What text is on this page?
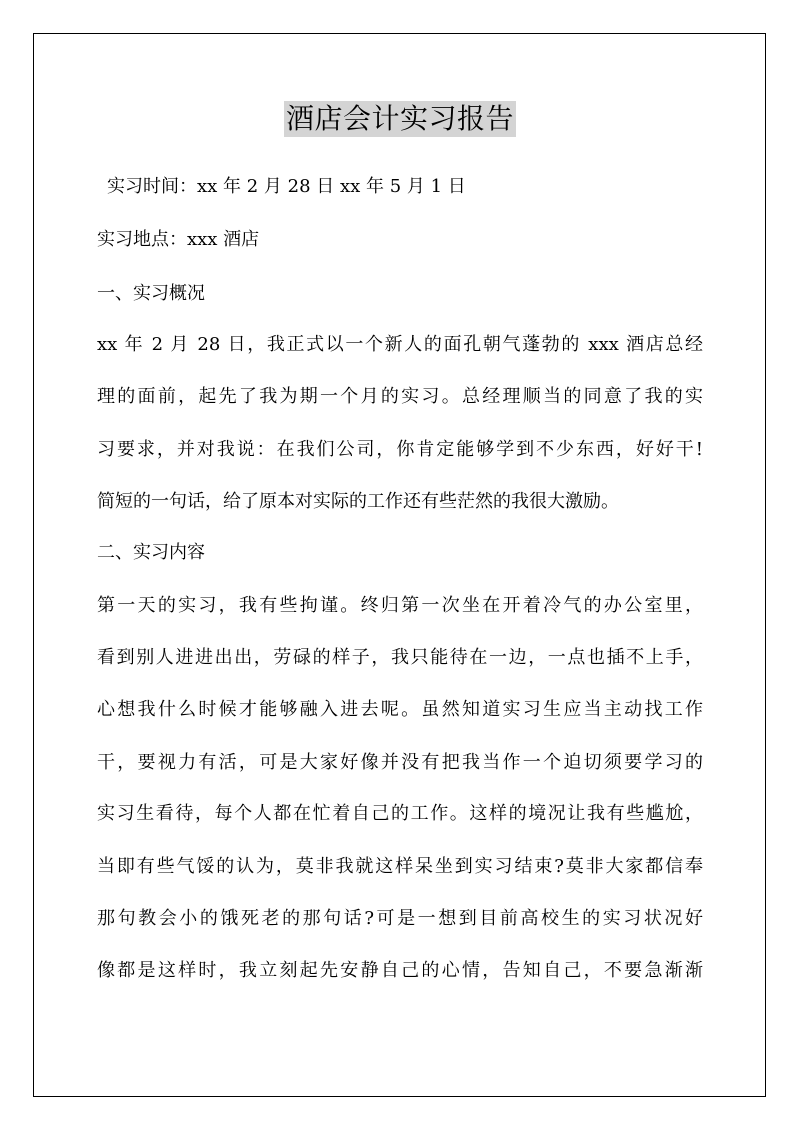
酒店会计实习报告
实习时间：xx 年 2 月 28 日 xx 年 5 月 1 日
实习地点：xxx 酒店
一、实习概况
xx 年 2 月 28 日，我正式以一个新人的面孔朝气蓬勃的 xxx 酒店总经
理的面前，起先了我为期一个月的实习。总经理顺当的同意了我的实
习要求，并对我说：在我们公司，你肯定能够学到不少东西，好好干!
简短的一句话，给了原本对实际的工作还有些茫然的我很大激励。
二、实习内容
第一天的实习，我有些拘谨。终归第一次坐在开着冷气的办公室里，
看到别人进进出出，劳碌的样子，我只能待在一边，一点也插不上手，
心想我什么时候才能够融入进去呢。虽然知道实习生应当主动找工作
干，要视力有活，可是大家好像并没有把我当作一个迫切须要学习的
实习生看待，每个人都在忙着自己的工作。这样的境况让我有些尴尬，
当即有些气馁的认为，莫非我就这样呆坐到实习结束?莫非大家都信奉
那句教会小的饿死老的那句话?可是一想到目前高校生的实习状况好
像都是这样时，我立刻起先安静自己的心情，告知自己，不要急渐渐
